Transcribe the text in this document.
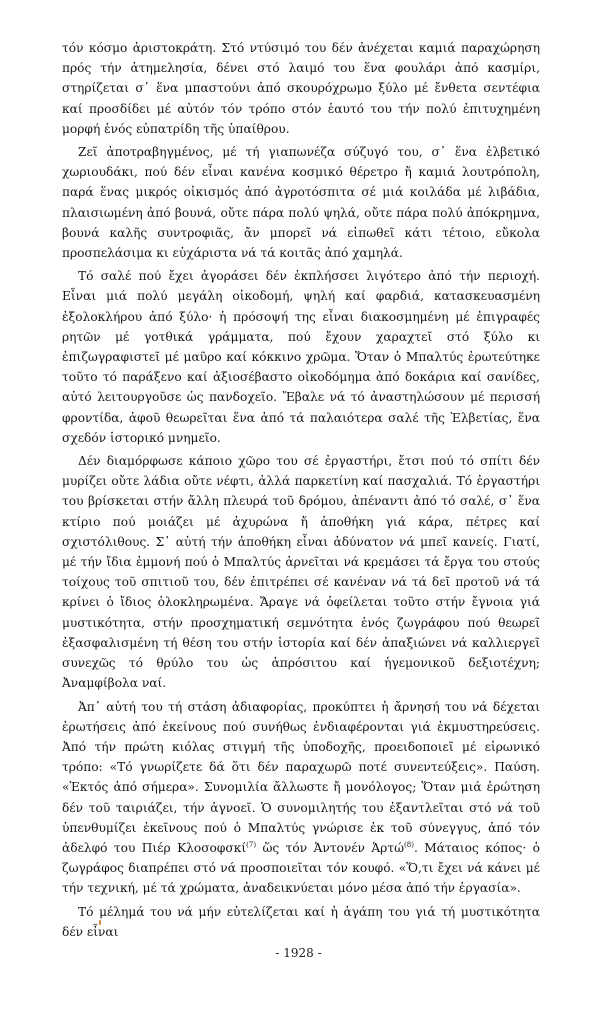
τόν κόσμο ἀριστοκράτη. Στό ντύσιμό του δέν ἀνέχεται καμιά παραχώρηση πρός τήν ἀτημελησία, δένει στό λαιμό του ἕνα φουλάρι ἀπό κασμίρι, στηρίζεται σ᾽ ἕνα μπαστούνι ἀπό σκουρόχρωμο ξύλο μέ ἔνθετα σεντέφια καί προσδίδει μέ αὐτόν τόν τρόπο στόν ἑαυτό του τήν πολύ ἐπιτυχημένη μορφή ἑνός εὐπατρίδη τῆς ὑπαίθρου.

Ζεῖ ἀποτραβηγμένος, μέ τή γιαπωνέζα σύζυγό του, σ᾽ ἕνα ἐλβετικό χωριουδάκι, πού δέν εἶναι κανένα κοσμικό θέρετρο ἤ καμιά λουτρόπολη, παρά ἕνας μικρός οἰκισμός ἀπό ἀγροτόσπιτα σέ μιά κοιλάδα μέ λιβάδια, πλαισιωμένη ἀπό βουνά, οὔτε πάρα πολύ ψηλά, οὔτε πάρα πολύ ἀπόκρημνα, βουνά καλῆς συντροφιᾶς, ἄν μπορεῖ νά εἰπωθεῖ κάτι τέτοιο, εὔκολα προσπελάσιμα κι εὐχάριστα νά τά κοιτᾶς ἀπό χαμηλά.

Τό σαλέ πού ἔχει ἀγοράσει δέν ἐκπλήσσει λιγότερο ἀπό τήν περιοχή. Εἶναι μιά πολύ μεγάλη οἰκοδομή, ψηλή καί φαρδιά, κατασκευασμένη ἐξολοκλήρου ἀπό ξύλο· ἡ πρόσοψή της εἶναι διακοσμημένη μέ ἐπιγραφές ρητῶν μέ γοτθικά γράμματα, πού ἔχουν χαραχτεῖ στό ξύλο κι ἐπιζωγραφιστεῖ μέ μαῦρο καί κόκκινο χρῶμα. Ὅταν ὁ Μπαλτύς ἐρωτεύτηκε τοῦτο τό παράξενο καί ἀξιοσέβαστο οἰκοδόμημα ἀπό δοκάρια καί σανίδες, αὐτό λειτουργοῦσε ὡς πανδοχεῖο. Ἔβαλε νά τό ἀναστηλώσουν μέ περισσή φροντίδα, ἀφοῦ θεωρεῖται ἕνα ἀπό τά παλαιότερα σαλέ τῆς Ἐλβετίας, ἕνα σχεδόν ἱστορικό μνημεῖο.

Δέν διαμόρφωσε κάποιο χῶρο του σέ ἐργαστήρι, ἔτσι πού τό σπίτι δέν μυρίζει οὔτε λάδια οὔτε νέφτι, ἀλλά παρκετίνη καί πασχαλιά. Τό ἐργαστήρι του βρίσκεται στήν ἄλλη πλευρά τοῦ δρόμου, ἀπέναντι ἀπό τό σαλέ, σ᾽ ἕνα κτίριο πού μοιάζει μέ ἀχυρώνα ἤ ἀποθήκη γιά κάρα, πέτρες καί σχιστόλιθους. Σ᾽ αὐτή τήν ἀποθήκη εἶναι ἀδύνατον νά μπεῖ κανείς. Γιατί, μέ τήν ἴδια ἐμμονή πού ὁ Μπαλτύς ἀρνεῖται νά κρεμάσει τά ἔργα του στούς τοίχους τοῦ σπιτιοῦ του, δέν ἐπιτρέπει σέ κανέναν νά τά δεῖ προτοῦ νά τά κρίνει ὁ ἴδιος ὁλοκληρωμένα. Ἄραγε νά ὀφείλεται τοῦτο στήν ἔγνοια γιά μυστικότητα, στήν προσχηματική σεμνότητα ἑνός ζωγράφου πού θεωρεῖ ἐξασφαλισμένη τή θέση του στήν ἱστορία καί δέν ἀπαξιώνει νά καλλιεργεῖ συνεχῶς τό θρύλο του ὡς ἀπρόσιτου καί ἡγεμονικοῦ δεξιοτέχνη; Ἀναμφίβολα ναί.

Ἀπ᾽ αὐτή του τή στάση ἀδιαφορίας, προκύπτει ἡ ἄρνησή του νά δέχεται ἐρωτήσεις ἀπό ἐκείνους πού συνήθως ἐνδιαφέρονται γιά ἐκμυστηρεύσεις. Ἀπό τήν πρώτη κιόλας στιγμή τῆς ὑποδοχῆς, προειδοποιεῖ μέ εἰρωνικό τρόπο: «Τό γνωρίζετε δά ὅτι δέν παραχωρῶ ποτέ συνεντεύξεις». Παύση. «Ἐκτός ἀπό σήμερα». Συνομιλία ἄλλωστε ἤ μονόλογος; Ὅταν μιά ἐρώτηση δέν τοῦ ταιριάζει, τήν ἀγνοεῖ. Ὁ συνομιλητής του ἐξαντλεῖται στό νά τοῦ ὑπενθυμίζει ἐκεῖνους πού ὁ Μπαλτύς γνώρισε ἐκ τοῦ σύνεγγυς, ἀπό τόν ἀδελφό του Πιέρ Κλοσοφσκί$^{(7)}$ ὥς τόν Ἀντονέν Ἀρτώ$^{(8)}$. Μάταιος κόπος· ὁ ζωγράφος διαπρέπει στό νά προσποιεῖται τόν κουφό. «Ὅ,τι ἔχει νά κάνει μέ τήν τεχνική, μέ τά χρώματα, ἀναδεικνύεται μόνο μέσα ἀπό τήν ἐργασία».

Τό μέλημά του νά μήν εὐτελίζεται καί ἡ ἀγάπη του γιά τή μυστικότητα δέν εἶναι

- 1928 -
